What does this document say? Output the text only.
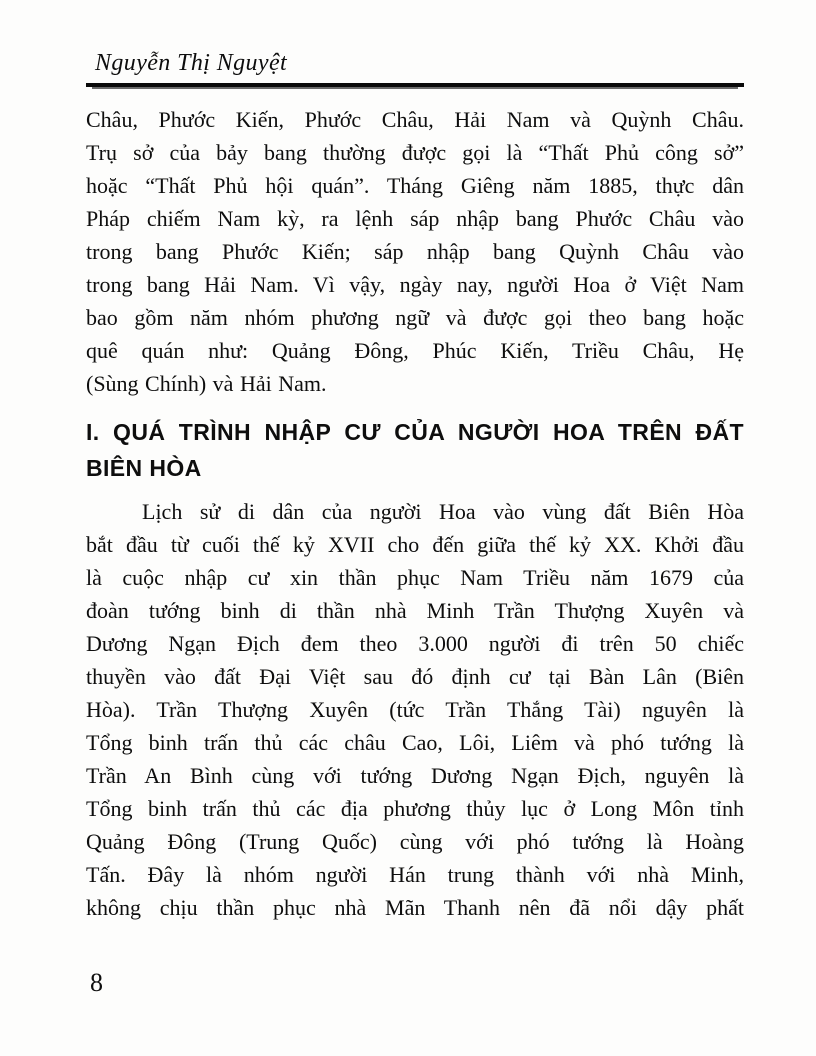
Nguyễn Thị Nguyệt
Châu, Phước Kiến, Phước Châu, Hải Nam và Quỳnh Châu.
Trụ sở của bảy bang thường được gọi là “Thất Phủ công sở”
hoặc “Thất Phủ hội quán”. Tháng Giêng năm 1885, thực dân
Pháp chiếm Nam kỳ, ra lệnh sáp nhập bang Phước Châu vào
trong bang Phước Kiến; sáp nhập bang Quỳnh Châu vào
trong bang Hải Nam. Vì vậy, ngày nay, người Hoa ở Việt Nam
bao gồm năm nhóm phương ngữ và được gọi theo bang hoặc
quê quán như: Quảng Đông, Phúc Kiến, Triều Châu, Hẹ
(Sùng Chính) và Hải Nam.
I. QUÁ TRÌNH NHẬP CƯ CỦA NGƯỜI HOA TRÊN ĐẤT
BIÊN HÒA
Lịch sử di dân của người Hoa vào vùng đất Biên Hòa
bắt đầu từ cuối thế kỷ XVII cho đến giữa thế kỷ XX. Khởi đầu
là cuộc nhập cư xin thần phục Nam Triều năm 1679 của
đoàn tướng binh di thần nhà Minh Trần Thượng Xuyên và
Dương Ngạn Địch đem theo 3.000 người đi trên 50 chiếc
thuyền vào đất Đại Việt sau đó định cư tại Bàn Lân (Biên
Hòa). Trần Thượng Xuyên (tức Trần Thắng Tài) nguyên là
Tổng binh trấn thủ các châu Cao, Lôi, Liêm và phó tướng là
Trần An Bình cùng với tướng Dương Ngạn Địch, nguyên là
Tổng binh trấn thủ các địa phương thủy lục ở Long Môn tỉnh
Quảng Đông (Trung Quốc) cùng với phó tướng là Hoàng
Tấn. Đây là nhóm người Hán trung thành với nhà Minh,
không chịu thần phục nhà Mãn Thanh nên đã nổi dậy phất
8
